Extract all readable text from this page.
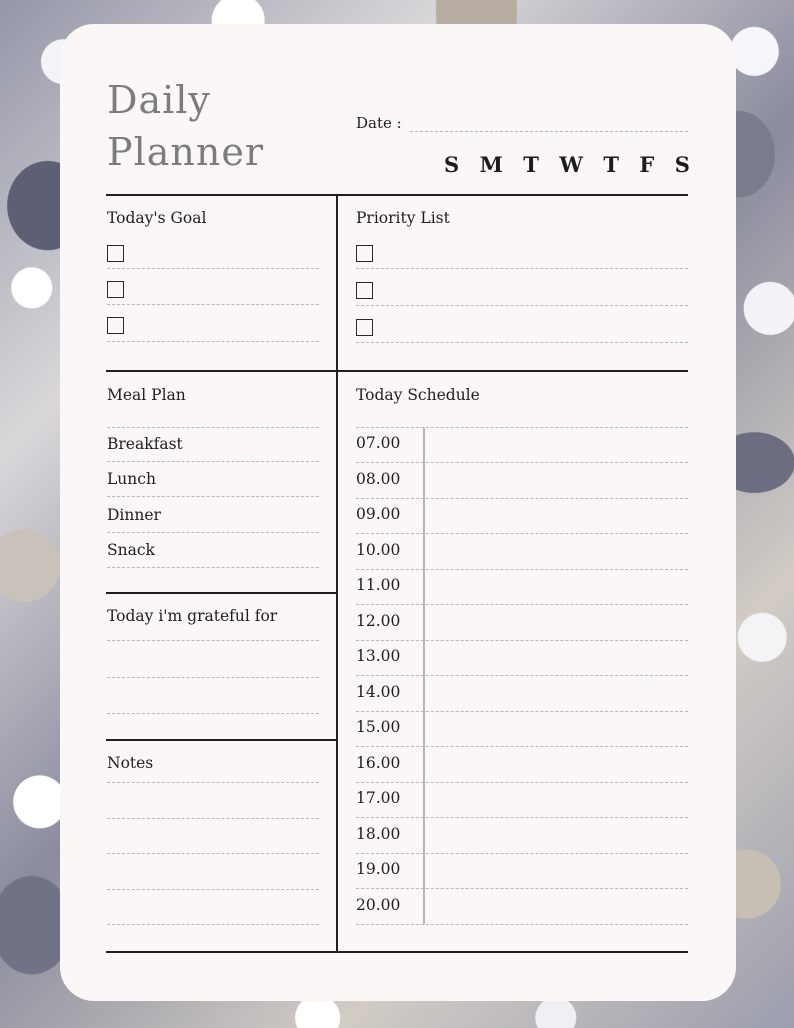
Daily
Planner
Date :
S M T W T F S
Today's Goal	Priority List
Meal Plan
Breakfast
Lunch
Dinner
Snack
Today i'm grateful for
Notes
Today Schedule
07.00
08.00
09.00
10.00
11.00
12.00
13.00
14.00
15.00
16.00
17.00
18.00
19.00
20.00
